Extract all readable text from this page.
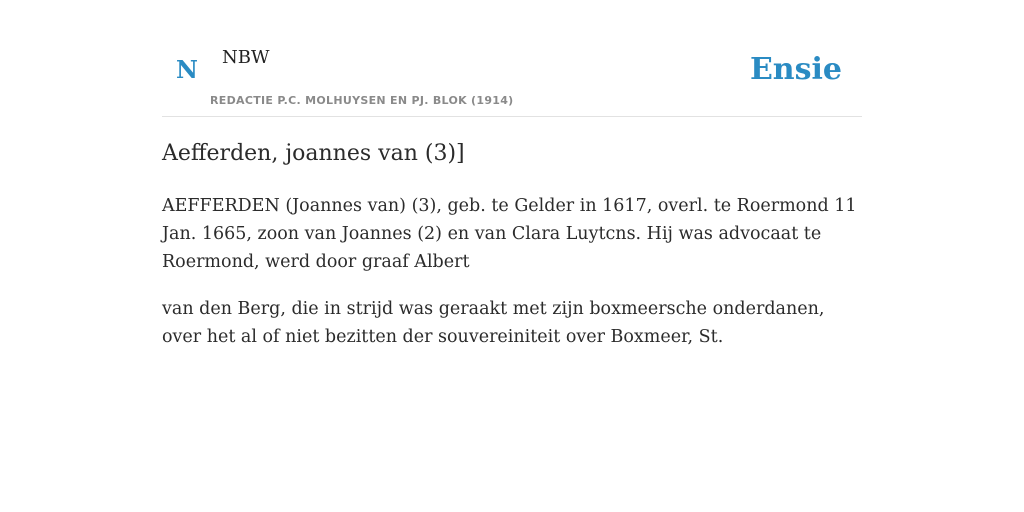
N NBW
REDACTIE P.C. MOLHUYSEN EN PJ. BLOK (1914)
Ensie
Aefferden, joannes van (3)]

AEFFERDEN (Joannes van) (3), geb. te Gelder in 1617, overl. te Roermond 11 Jan. 1665, zoon van Joannes (2) en van Clara Luytcns. Hij was advocaat te Roermond, werd door graaf Albert

van den Berg, die in strijd was geraakt met zijn boxmeersche onderdanen, over het al of niet bezitten der souvereiniteit over Boxmeer, St.
